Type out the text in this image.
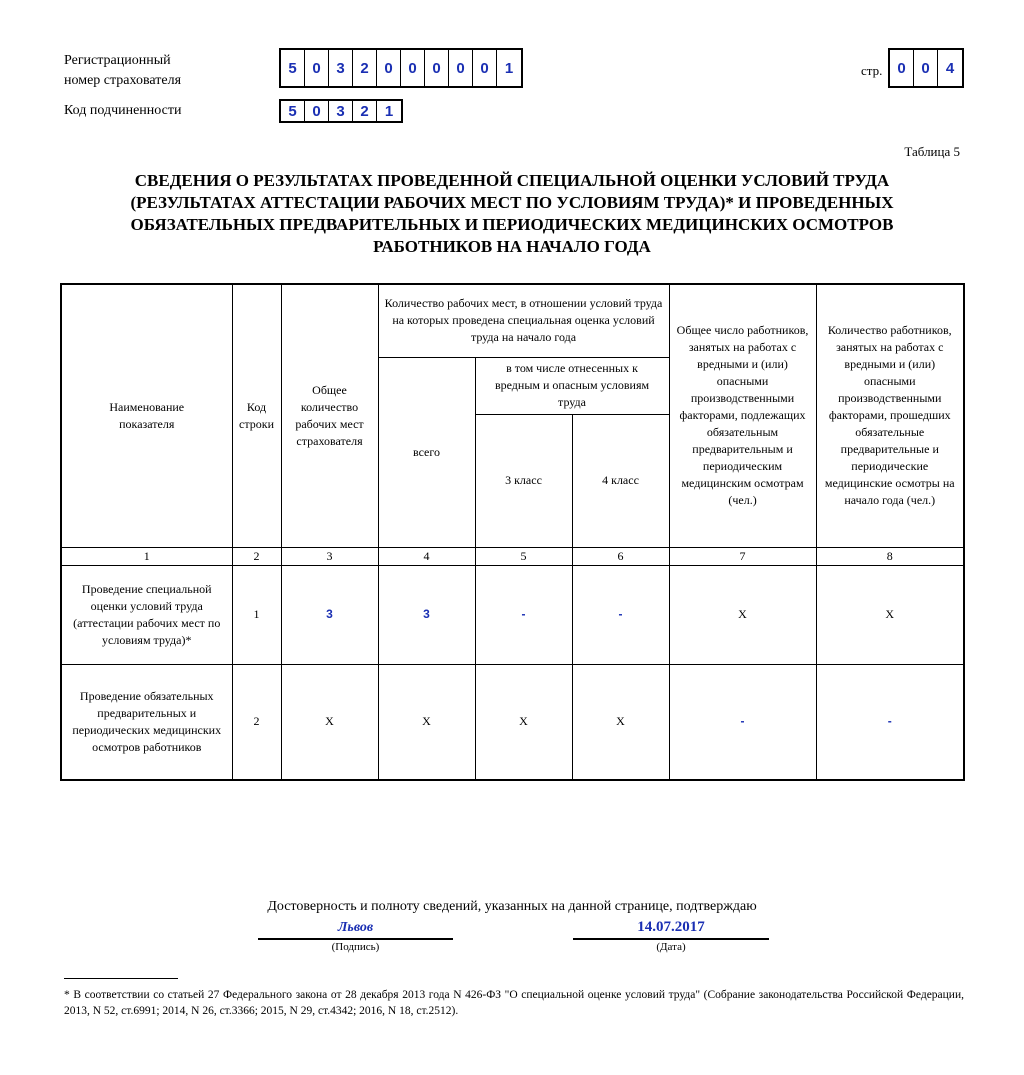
Регистрационный
номер страхователя
5	0	3	2	0	0	0	0	0	1
Код подчиненности	5	0	3	2	1
стр. 0	0	4
Таблица 5
СВЕДЕНИЯ О РЕЗУЛЬТАТАХ ПРОВЕДЕННОЙ СПЕЦИАЛЬНОЙ ОЦЕНКИ УСЛОВИЙ ТРУДА
(РЕЗУЛЬТАТАХ АТТЕСТАЦИИ РАБОЧИХ МЕСТ ПО УСЛОВИЯМ ТРУДА)* И ПРОВЕДЕННЫХ
ОБЯЗАТЕЛЬНЫХ ПРЕДВАРИТЕЛЬНЫХ И ПЕРИОДИЧЕСКИХ МЕДИЦИНСКИХ ОСМОТРОВ
РАБОТНИКОВ НА НАЧАЛО ГОДА
Наименование показателя	Код строки	Общее количество рабочих мест страхователя	Количество рабочих мест, в отношении условий труда на которых проведена специальная оценка условий труда на начало года			Общее число работников, занятых на работах с вредными и (или) опасными производственными факторами, подлежащих обязательным предварительным и периодическим медицинским осмотрам (чел.)	Количество работников, занятых на работах с вредными и (или) опасными производственными факторами, прошедших обязательные предварительные и периодические медицинские осмотры на начало года (чел.)
			всего	в том числе отнесенных к вредным и опасным условиям труда			
				3 класс	4 класс		
1	2	3	4	5	6	7	8
Проведение специальной оценки условий труда (аттестации рабочих мест по условиям труда)*	1	3	3	-	-	X	X
Проведение обязательных предварительных и периодических медицинских осмотров работников	2	X	X	X	X	-	-
Достоверность и полноту сведений, указанных на данной странице, подтверждаю
Львов
(Подпись)
14.07.2017
(Дата)
* В соответствии со статьей 27 Федерального закона от 28 декабря 2013 года N 426-ФЗ "О специальной оценке условий труда" (Собрание законодательства Российской Федерации, 2013, N 52, ст.6991; 2014, N 26, ст.3366; 2015, N 29, ст.4342; 2016, N 18, ст.2512).
